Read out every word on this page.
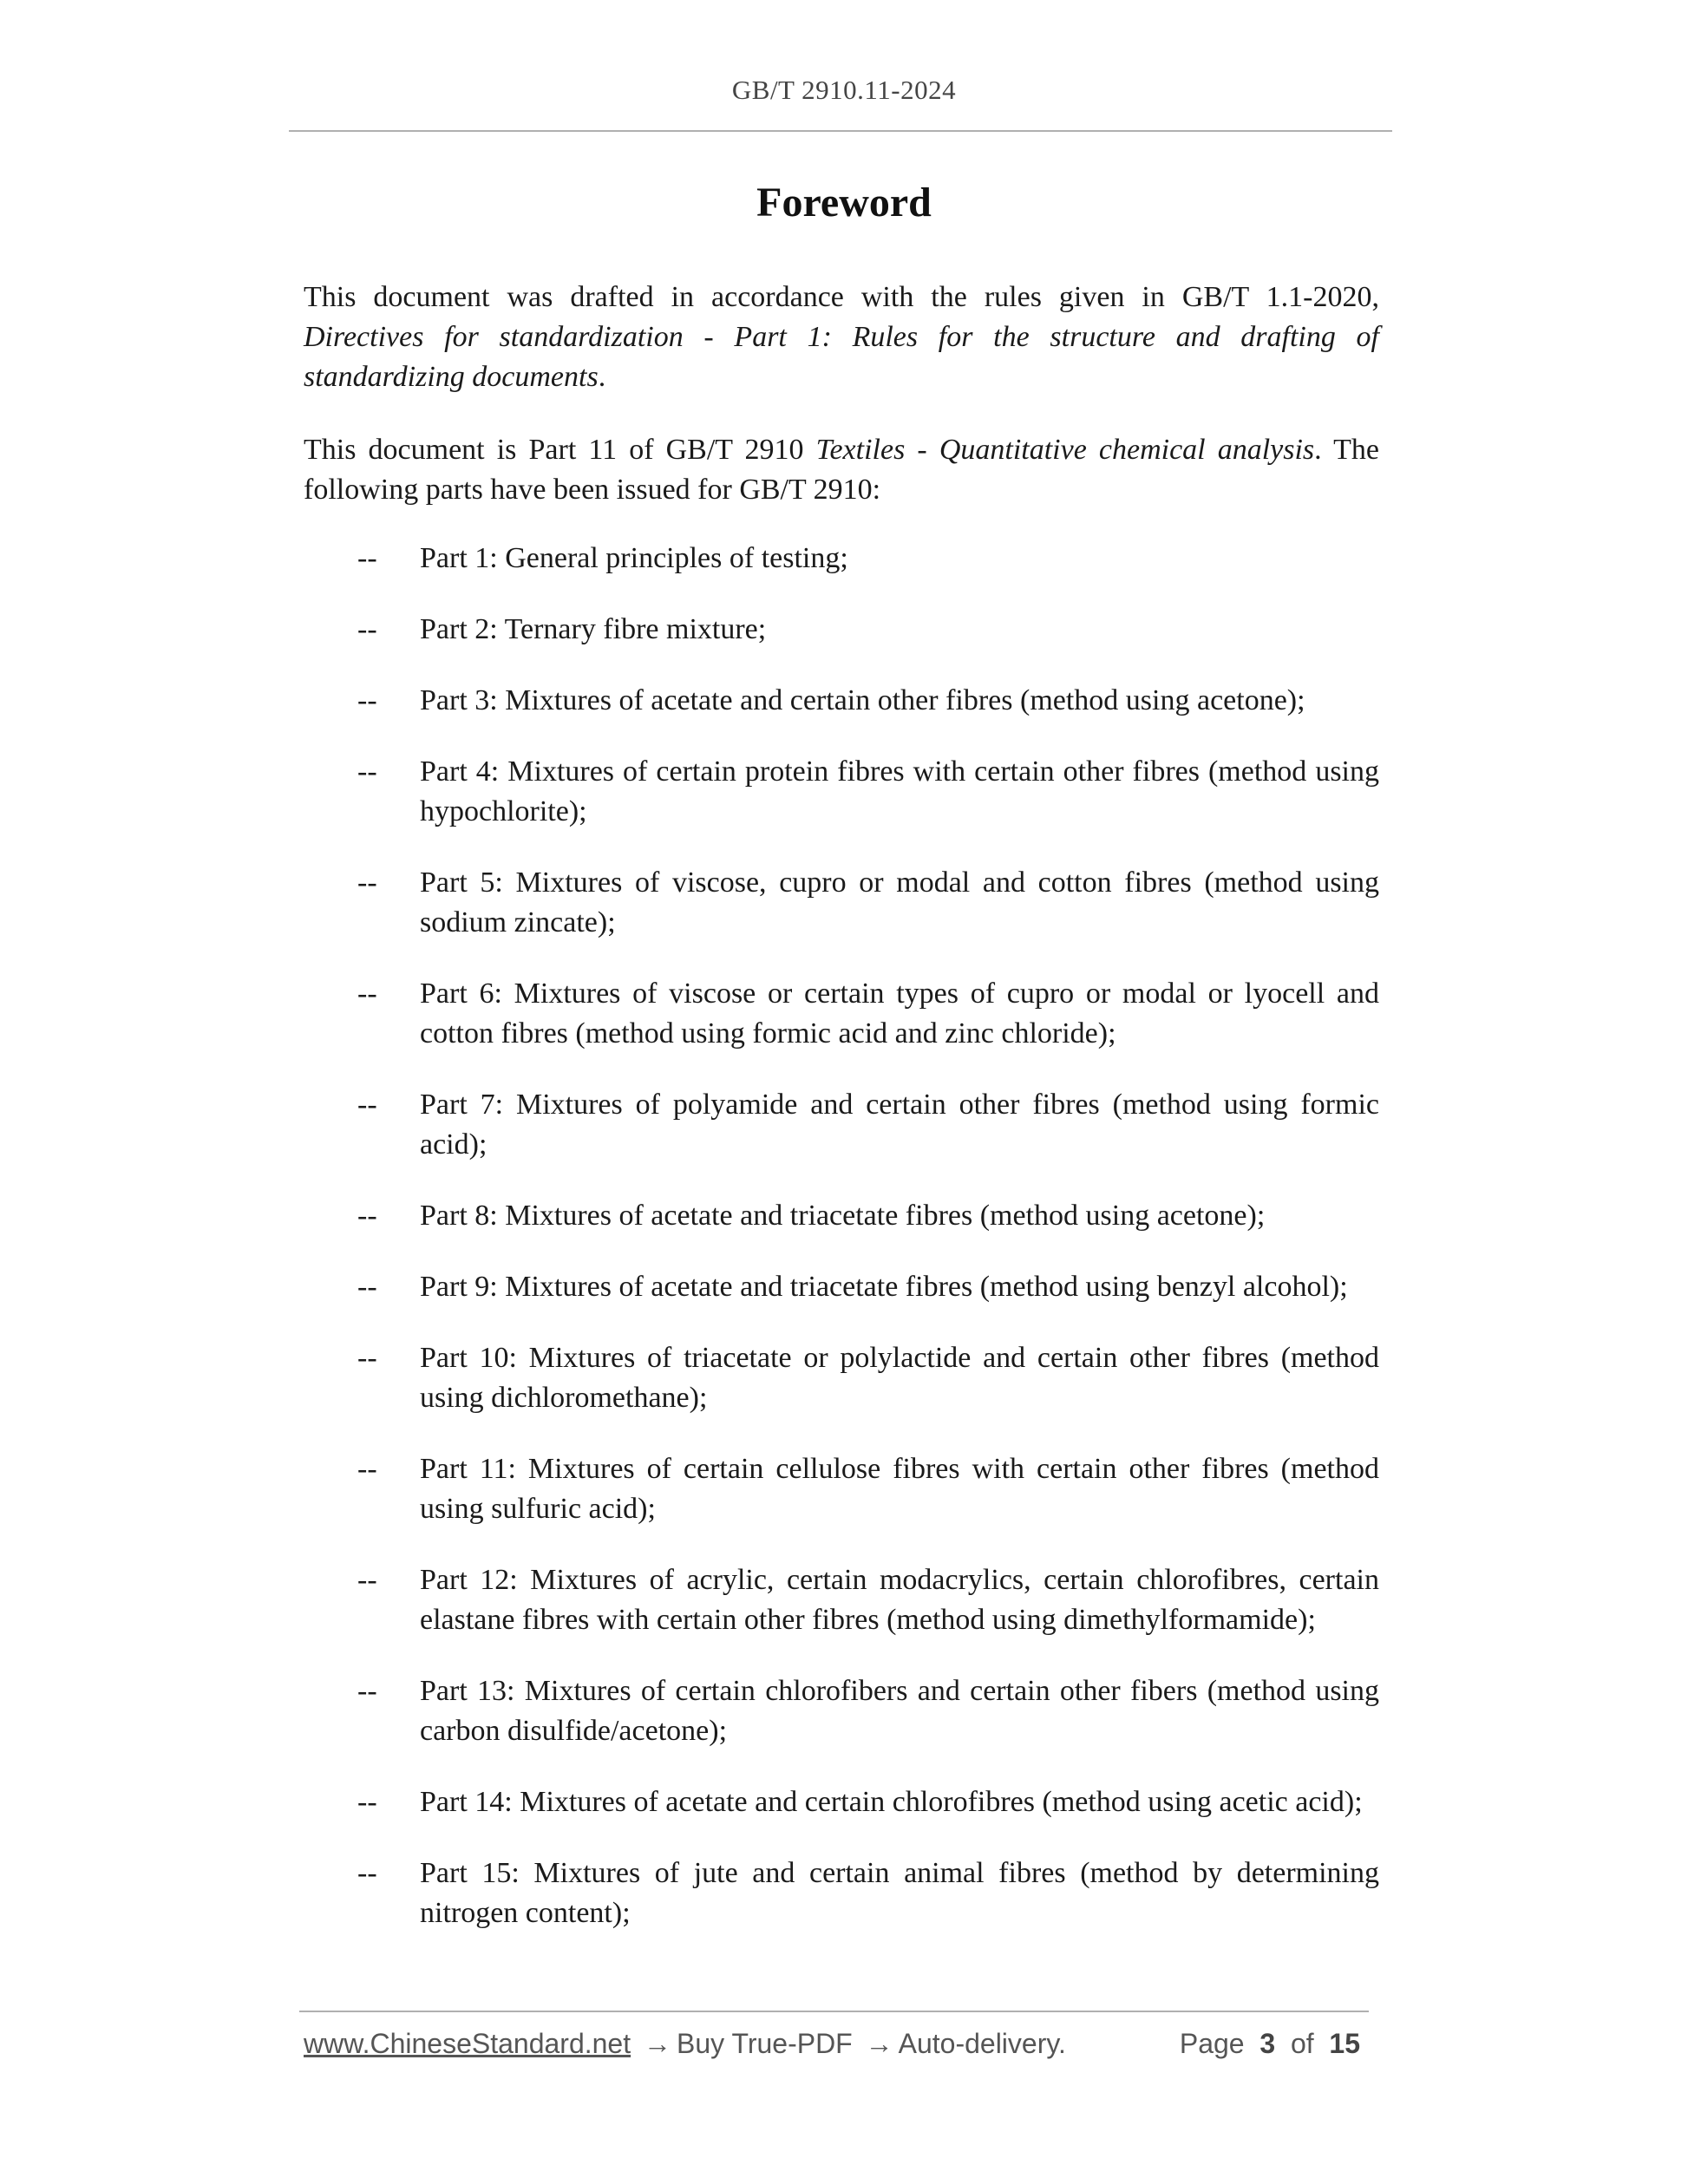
GB/T 2910.11-2024
Foreword

This document was drafted in accordance with the rules given in GB/T 1.1-2020, Directives for standardization - Part 1: Rules for the structure and drafting of standardizing documents.

This document is Part 11 of GB/T 2910 Textiles - Quantitative chemical analysis. The following parts have been issued for GB/T 2910:

-- Part 1: General principles of testing;
-- Part 2: Ternary fibre mixture;
-- Part 3: Mixtures of acetate and certain other fibres (method using acetone);
-- Part 4: Mixtures of certain protein fibres with certain other fibres (method using hypochlorite);
-- Part 5: Mixtures of viscose, cupro or modal and cotton fibres (method using sodium zincate);
-- Part 6: Mixtures of viscose or certain types of cupro or modal or lyocell and cotton fibres (method using formic acid and zinc chloride);
-- Part 7: Mixtures of polyamide and certain other fibres (method using formic acid);
-- Part 8: Mixtures of acetate and triacetate fibres (method using acetone);
-- Part 9: Mixtures of acetate and triacetate fibres (method using benzyl alcohol);
-- Part 10: Mixtures of triacetate or polylactide and certain other fibres (method using dichloromethane);
-- Part 11: Mixtures of certain cellulose fibres with certain other fibres (method using sulfuric acid);
-- Part 12: Mixtures of acrylic, certain modacrylics, certain chlorofibres, certain elastane fibres with certain other fibres (method using dimethylformamide);
-- Part 13: Mixtures of certain chlorofibers and certain other fibers (method using carbon disulfide/acetone);
-- Part 14: Mixtures of acetate and certain chlorofibres (method using acetic acid);
-- Part 15: Mixtures of jute and certain animal fibres (method by determining nitrogen content);
www.ChineseStandard.net → Buy True-PDF → Auto-delivery.	Page 3 of 15
